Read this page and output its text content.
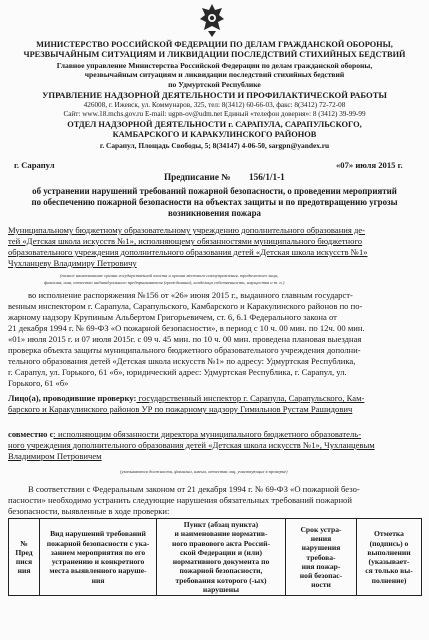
МИНИСТЕРСТВО РОССИЙСКОЙ ФЕДЕРАЦИИ ПО ДЕЛАМ ГРАЖДАНСКОЙ ОБОРОНЫ,
ЧРЕЗВЫЧАЙНЫМ СИТУАЦИЯМ И ЛИКВИДАЦИИ ПОСЛЕДСТВИЙ СТИХИЙНЫХ БЕДСТВИЙ
Главное управление Министерства Российской Федерации по делам гражданской обороны,
чрезвычайным ситуациям и ликвидации последствий стихийных бедствий
по Удмуртской Республике
УПРАВЛЕНИЕ НАДЗОРНОЙ ДЕЯТЕЛЬНОСТИ И ПРОФИЛАКТИЧЕСКОЙ РАБОТЫ
426008, г. Ижевск, ул. Коммунаров, 325, тел: 8(3412) 60-66-03, факс: 8(3412) 72-72-08
Сайт: www.18.mchs.gov.ru E-mail: ugpn-ov@udm.net Единый «телефон доверия»: 8 (3412) 39-99-99
ОТДЕЛ НАДЗОРНОЙ ДЕЯТЕЛЬНОСТИ г. САРАПУЛА, САРАПУЛЬСКОГО,
КАМБАРСКОГО И КАРАКУЛИНСКОГО РАЙОНОВ
г. Сарапул, Площадь Свободы, 5; 8(34147) 4-06-50, sargpn@yandex.ru
г. Сарапул	«07» июля 2015 г.
Предписание № 156/1/1-1
об устранении нарушений требований пожарной безопасности, о проведении мероприятий
по обеспечению пожарной безопасности на объектах защиты и по предотвращению угрозы
возникновения пожара
Муниципальному бюджетному образовательному учреждению дополнительного образования де-
тей «Детская школа искусств №1», исполняющему обязанностями муниципального бюджетного
образовательного учреждения дополнительного образования детей «Детская школа искусств №1»
Чухланцеву Владимиру Петровичу
(полное наименование органа государственной власти и органа местного самоуправления, юридического лица,
фамилия, имя, отчество индивидуального предпринимателя (гражданина), владельца собственности, имущества и т. п.)
во исполнение распоряжения №156 от «26» июня 2015 г., выданного главным государст-
венным инспектором г. Сарапула, Сарапульского, Камбарского и Каракулинского районов по по-
жарному надзору Крупиным Альбертом Григорьевичем, ст. 6, 6.1 Федерального закона от
21 декабря 1994 г. № 69-ФЗ «О пожарной безопасности», в период с 10 ч. 00 мин. по 12ч. 00 мин.
«01» июля 2015 г. и 07 июля 2015г. с 09 ч. 45 мин. по 10 ч. 00 мин. проведена плановая выездная
проверка объекта защиты муниципального бюджетного образовательного учреждения дополни-
тельного образования детей «Детская школа искусств №1» по адресу: Удмуртская Республика,
г. Сарапул, ул. Горького, 61 «б», юридический адрес: Удмуртская Республика, г. Сарапул, ул.
Горького, 61 «б»
Лицо(а), проводившие проверку: государственный инспектор г. Сарапула, Сарапульского, Кам-
барского и Каракулинского районов УР по пожарному надзору Гимильнов Рустам Рашидович
совместно с: исполняющим обязанности директора муниципального бюджетного образователь-
ного учреждения дополнительного образования детей «Детская школа искусств №1», Чухланцевым
Владимиром Петровичем
(указываются должности, фамилии, имена, отчества лиц, участвующих в проверке)
В соответствии с Федеральным законом от 21 декабря 1994 г. № 69-ФЗ «О пожарной безо-
пасности» необходимо устранить следующие нарушения обязательных требований пожарной
безопасности, выявленные в ходе проверки:
№
Пред
пися
ния	Вид нарушений требований
пожарной безопасности с ука-
занием мероприятия по его
устранению и конкретного
места выявленного наруше-
ния	Пункт (абзац пункта)
и наименование норматив-
ного правового акта Россий-
ской Федерации и (или)
нормативного документа по
пожарной безопасности,
требования которого (-ых)
нарушены	Срок устра-
нения
нарушения
требова-
ния пожар-
ной безопас-
ности	Отметка
(подпись) о
выполнении
(указывает-
ся только вы-
полнение)
